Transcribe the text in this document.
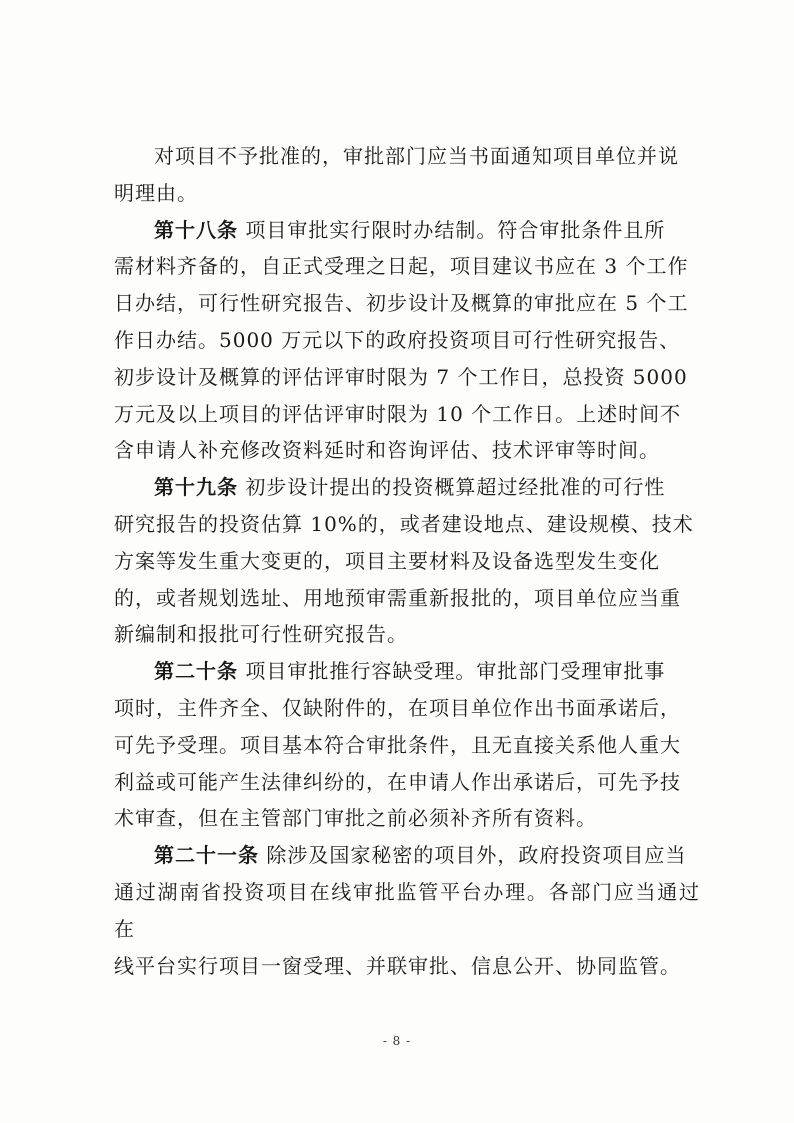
对项目不予批准的，审批部门应当书面通知项目单位并说
明理由。

第十八条 项目审批实行限时办结制。符合审批条件且所
需材料齐备的，自正式受理之日起，项目建议书应在 3 个工作
日办结，可行性研究报告、初步设计及概算的审批应在 5 个工
作日办结。5000 万元以下的政府投资项目可行性研究报告、
初步设计及概算的评估评审时限为 7 个工作日，总投资 5000
万元及以上项目的评估评审时限为 10 个工作日。上述时间不
含申请人补充修改资料延时和咨询评估、技术评审等时间。

第十九条 初步设计提出的投资概算超过经批准的可行性
研究报告的投资估算 10%的，或者建设地点、建设规模、技术
方案等发生重大变更的，项目主要材料及设备选型发生变化
的，或者规划选址、用地预审需重新报批的，项目单位应当重
新编制和报批可行性研究报告。

第二十条 项目审批推行容缺受理。审批部门受理审批事
项时，主件齐全、仅缺附件的，在项目单位作出书面承诺后，
可先予受理。项目基本符合审批条件，且无直接关系他人重大
利益或可能产生法律纠纷的，在申请人作出承诺后，可先予技
术审查，但在主管部门审批之前必须补齐所有资料。

第二十一条 除涉及国家秘密的项目外，政府投资项目应当
通过湖南省投资项目在线审批监管平台办理。各部门应当通过在
线平台实行项目一窗受理、并联审批、信息公开、协同监管。

- 8 -
